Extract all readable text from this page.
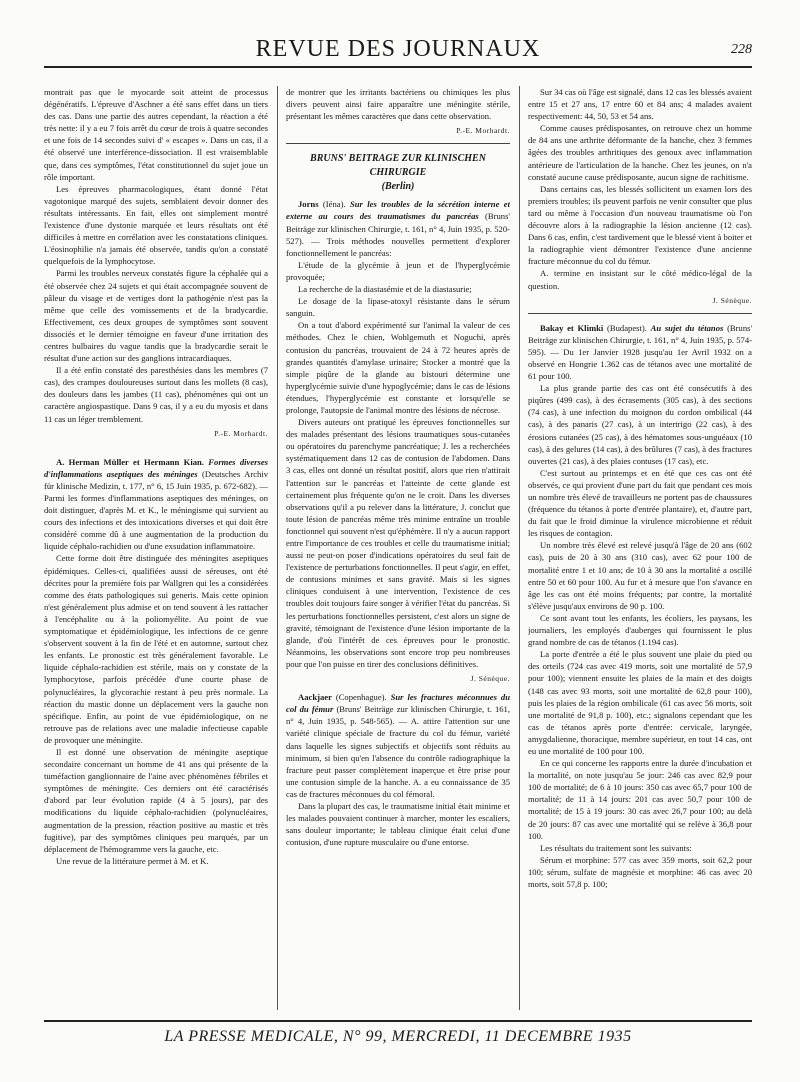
REVUE DES JOURNAUX	228

montrait pas que le myocarde soit atteint de processus dégénératifs. L'épreuve d'Aschner a été sans effet dans un tiers des cas. Dans une partie des autres cependant, la réaction a été très nette: il y a eu 7 fois arrêt du cœur de trois à quatre secondes et une fois de 14 secondes suivi d' « escapes ». Dans un cas, il a été observé une interférence-dissociation. Il est vraisemblable que, dans ces symptômes, l'état constitutionnel du sujet joue un rôle important.

Les épreuves pharmacologiques, étant donné l'état vagotonique marqué des sujets, semblaient devoir donner des résultats intéressants. En fait, elles ont simplement montré l'existence d'une dystonie marquée et leurs résultats ont été difficiles à mettre en corrélation avec les constatations cliniques. L'éosinophilie n'a jamais été observée, tandis qu'on a constaté quelquefois de la lymphocytose.

Parmi les troubles nerveux constatés figure la céphalée qui a été observée chez 24 sujets et qui était accompagnée souvent de pâleur du visage et de vertiges dont la pathogénie n'est pas la même que celle des vomissements et de la bradycardie. Effectivement, ces deux groupes de symptômes sont souvent dissociés et le dernier témoigne en faveur d'une irritation des centres bulbaires du vague tandis que la bradycardie serait le résultat d'une action sur des ganglions intracardiaques.

Il a été enfin constaté des paresthésies dans les membres (7 cas), des crampes douloureuses surtout dans les mollets (8 cas), des douleurs dans les jambes (11 cas), phénomènes qui ont un caractère angiospastique. Dans 9 cas, il y a eu du myosis et dans 11 cas un léger tremblement.

P.-E. Morhardt.

A. Herman Müller et Hermann Kian. Formes diverses d'inflammations aseptiques des méninges (Deutsches Archiv für klinische Medizin, t. 177, n° 6, 15 Juin 1935, p. 672-682). — Parmi les formes d'inflammations aseptiques des méninges, on doit distinguer, d'après M. et K., le méningisme qui survient au cours des infections et des intoxications diverses et qui doit être considéré comme dû à une augmentation de la production du liquide céphalo-rachidien ou d'une exsudation inflammatoire.

Cette forme doit être distinguée des méningites aseptiques épidémiques. Celles-ci, qualifiées aussi de séreuses, ont été décrites pour la première fois par Wallgren qui les a considérées comme des états pathologiques sui generis. Mais cette opinion n'est généralement plus admise et on tend souvent à les rattacher à l'encéphalite ou à la poliomyélite. Au point de vue symptomatique et épidémiologique, les infections de ce genre s'observent souvent à la fin de l'été et en automne, surtout chez les enfants. Le pronostic est très généralement favorable. Le liquide céphalo-rachidien est stérile, mais on y constate de la lymphocytose, parfois précédée d'une courte phase de polynucléaires, la glycorachie restant à peu près normale. La réaction du mastic donne un déplacement vers la gauche non spécifique. Enfin, au point de vue épidémiologique, on ne retrouve pas de relations avec une maladie infectieuse capable de provoquer une méningite.

Il est donné une observation de méningite aseptique secondaire concernant un homme de 41 ans qui présente de la tuméfaction ganglionnaire de l'aine avec phénomènes fébriles et symptômes de méningite. Ces derniers ont été caractérisés d'abord par leur évolution rapide (4 à 5 jours), par des modifications du liquide céphalo-rachidien (polynucléaires, augmentation de la pression, réaction positive au mastic et très fugitive), par des symptômes cliniques peu marqués, par un déplacement de l'hémogramme vers la gauche, etc.

Une revue de la littérature permet à M. et K.

de montrer que les irritants bactériens ou chimiques les plus divers peuvent ainsi faire apparaître une méningite stérile, présentant les mêmes caractères que dans cette observation.

P.-E. Morhardt.
BRUNS' BEITRAGE ZUR KLINISCHEN CHIRURGIE
(Berlin)

Jorns (Iéna). Sur les troubles de la sécrétion interne et externe au cours des traumatismes du pancréas (Bruns' Beiträge zur klinischen Chirurgie, t. 161, n° 4, Juin 1935, p. 520-527). — Trois méthodes nouvelles permettent d'explorer fonctionnellement le pancréas:

L'étude de la glycémie à jeun et de l'hyperglycémie provoquée;

La recherche de la diastasémie et de la diastasurie;

Le dosage de la lipase-atoxyl résistante dans le sérum sanguin.

On a tout d'abord expérimenté sur l'animal la valeur de ces méthodes. Chez le chien, Wohlgemuth et Noguchi, après contusion du pancréas, trouvaient de 24 à 72 heures après de grandes quantités d'amylase urinaire; Stocker a montré que la simple piqûre de la glande au bistouri détermine une hyperglycémie suivie d'une hypoglycémie; dans le cas de lésions étendues, l'hyperglycémie est constante et lorsqu'elle se prolonge, l'autopsie de l'animal montre des lésions de nécrose.

Divers auteurs ont pratiqué les épreuves fonctionnelles sur des malades présentant des lésions traumatiques sous-cutanées ou opératoires du parenchyme pancréatique; J. les a recherchées systématiquement dans 12 cas de contusion de l'abdomen. Dans 3 cas, elles ont donné un résultat positif, alors que rien n'attirait l'attention sur le pancréas et l'atteinte de cette glande est certainement plus fréquente qu'on ne le croit. Dans les diverses observations qu'il a pu relever dans la littérature, J. conclut que toute lésion de pancréas même très minime entraîne un trouble fonctionnel qui souvent n'est qu'éphémère. Il n'y a aucun rapport entre l'importance de ces troubles et celle du traumatisme initial; aussi ne peut-on poser d'indications opératoires du seul fait de l'existence de perturbations fonctionnelles. Il peut s'agir, en effet, de contusions minimes et sans gravité. Mais si les signes cliniques conduisent à une intervention, l'existence de ces troubles doit toujours faire songer à vérifier l'état du pancréas. Si les perturbations fonctionnelles persistent, c'est alors un signe de gravité, témoignant de l'existence d'une lésion importante de la glande, d'où l'intérêt de ces épreuves pour le pronostic. Néanmoins, les observations sont encore trop peu nombreuses pour que l'on puisse en tirer des conclusions définitives.

J. Sénèque.

Aackjaer (Copenhague). Sur les fractures méconnues du col du fémur (Bruns' Beiträge zur klinischen Chirurgie, t. 161, n° 4, Juin 1935, p. 548-565). — A. attire l'attention sur une variété clinique spéciale de fracture du col du fémur, variété dans laquelle les signes subjectifs et objectifs sont réduits au minimum, si bien qu'en l'absence du contrôle radiographique la fracture peut passer complètement inaperçue et être prise pour une contusion simple de la hanche. A. a eu connaissance de 35 cas de fractures méconnues du col fémoral.

Dans la plupart des cas, le traumatisme initial était minime et les malades pouvaient continuer à marcher, monter les escaliers, sans douleur importante; le tableau clinique était celui d'une contusion, d'une rupture musculaire ou d'une entorse.

Sur 34 cas où l'âge est signalé, dans 12 cas les blessés avaient entre 15 et 27 ans, 17 entre 60 et 84 ans; 4 malades avaient respectivement: 44, 50, 53 et 54 ans.

Comme causes prédisposantes, on retrouve chez un homme de 84 ans une arthrite déformante de la hanche, chez 3 femmes âgées des troubles arthritiques des genoux avec inflammation antérieure de l'articulation de la hanche. Chez les jeunes, on n'a constaté aucune cause prédisposante, aucun signe de rachitisme.

Dans certains cas, les blessés sollicitent un examen lors des premiers troubles; ils peuvent parfois ne venir consulter que plus tard ou même à l'occasion d'un nouveau traumatisme où l'on découvre alors à la radiographie la lésion ancienne (12 cas). Dans 6 cas, enfin, c'est tardivement que le blessé vient à boiter et la radiographie vient démontrer l'existence d'une ancienne fracture méconnue du col du fémur.

A. termine en insistant sur le côté médico-légal de la question.

J. Sénèque.

Bakay et Klimki (Budapest). Au sujet du tétanos (Bruns' Beiträge zur klinischen Chirurgie, t. 161, n° 4, Juin 1935, p. 574-595). — Du 1er Janvier 1928 jusqu'au 1er Avril 1932 on a observé en Hongrie 1.362 cas de tétanos avec une mortalité de 61 pour 100.

La plus grande partie des cas ont été consécutifs à des piqûres (499 cas), à des écrasements (305 cas), à des sections (74 cas), à une infection du moignon du cordon ombilical (44 cas), à des panaris (27 cas), à un intertrigo (22 cas), à des érosions cutanées (25 cas), à des hématomes sous-unguéaux (10 cas), à des gelures (14 cas), à des brûlures (7 cas), à des fractures ouvertes (21 cas), à des plaies contuses (17 cas), etc.

C'est surtout au printemps et en été que ces cas ont été observés, ce qui provient d'une part du fait que pendant ces mois un nombre très élevé de travailleurs ne portent pas de chaussures (fréquence du tétanos à porte d'entrée plantaire), et, d'autre part, du fait que le froid diminue la virulence microbienne et réduit les risques de contagion.

Un nombre très élevé est relevé jusqu'à l'âge de 20 ans (602 cas), puis de 20 à 30 ans (310 cas), avec 62 pour 100 de mortalité entre 1 et 10 ans; de 10 à 30 ans la mortalité a oscillé entre 50 et 60 pour 100. Au fur et à mesure que l'on s'avance en âge les cas ont été moins fréquents; par contre, la mortalité s'élève jusqu'aux environs de 90 p. 100.

Ce sont avant tout les enfants, les écoliers, les paysans, les journaliers, les employés d'auberges qui fournissent le plus grand nombre de cas de tétanos (1.194 cas).

La porte d'entrée a été le plus souvent une plaie du pied ou des orteils (724 cas avec 419 morts, soit une mortalité de 57,9 pour 100); viennent ensuite les plaies de la main et des doigts (148 cas avec 93 morts, soit une mortalité de 62,8 pour 100), puis les plaies de la région ombilicale (61 cas avec 56 morts, soit une mortalité de 91,8 p. 100), etc.; signalons cependant que les cas de tétanos après porte d'entrée: cervicale, laryngée, amygdalienne, thoracique, membre supérieur, en tout 14 cas, ont eu une mortalité de 100 pour 100.

En ce qui concerne les rapports entre la durée d'incubation et la mortalité, on note jusqu'au 5e jour: 246 cas avec 82,9 pour 100 de mortalité; de 6 à 10 jours: 350 cas avec 65,7 pour 100 de mortalité; de 11 à 14 jours: 201 cas avec 50,7 pour 100 de mortalité; de 15 à 19 jours: 30 cas avec 26,7 pour 100; au delà de 20 jours: 87 cas avec une mortalité qui se relève à 36,8 pour 100.

Les résultats du traitement sont les suivants:

Sérum et morphine: 577 cas avec 359 morts, soit 62,2 pour 100; sérum, sulfate de magnésie et morphine: 46 cas avec 20 morts, soit 57,8 p. 100;

LA PRESSE MEDICALE, N° 99, MERCREDI, 11 DECEMBRE 1935
